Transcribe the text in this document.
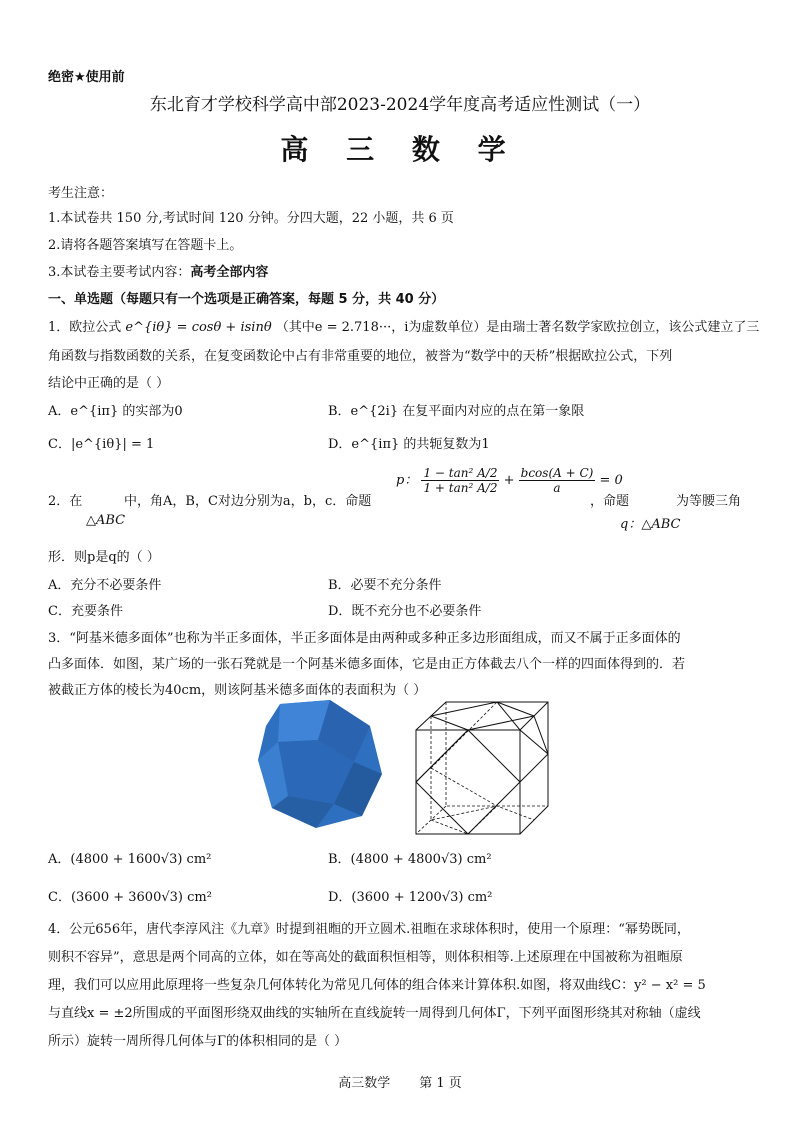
绝密★使用前
东北育才学校科学高中部2023-2024学年度高考适应性测试（一）
高 三 数 学
考生注意：
1.本试卷共 150 分,考试时间 120 分钟。分四大题，22 小题，共 6 页
2.请将各题答案填写在答题卡上。
3.本试卷主要考试内容：高考全部内容
一、单选题（每题只有一个选项是正确答案，每题 5 分，共 40 分）
1．欧拉公式 e^{iθ} = cosθ + isinθ （其中e = 2.718···，i为虚数单位）是由瑞士著名数学家欧拉创立，该公式建立了三
角函数与指数函数的关系，在复变函数论中占有非常重要的地位，被誉为“数学中的天桥”根据欧拉公式，下列
结论中正确的是（ ）
A．e^{iπ} 的实部为0	B．e^{2i} 在复平面内对应的点在第一象限
C．|e^{iθ}| = 1	D．e^{iπ} 的共轭复数为1
2．在
△ABC
中，角A，B，C对边分别为a，b，c．命题
p： $\frac{\text{1 − tan² A/2}}{\text{1 + tan² A/2}} + \frac{bcos(A + C)}{a} = 0$
，命题
q：△ABC
为等腰三角
形．则p是q的（ ）
A．充分不必要条件	B．必要不充分条件
C．充要条件	D．既不充分也不必要条件
3．“阿基米德多面体”也称为半正多面体，半正多面体是由两种或多种正多边形面组成，而又不属于正多面体的
凸多面体．如图，某广场的一张石凳就是一个阿基米德多面体，它是由正方体截去八个一样的四面体得到的．若
被截正方体的棱长为40cm，则该阿基米德多面体的表面积为（ ）
A．(4800 + 1600√3) cm²	B．(4800 + 4800√3) cm²
C．(3600 + 3600√3) cm²	D．(3600 + 1200√3) cm²
4．公元656年，唐代李淳风注《九章》时提到祖暅的开立圆术.祖暅在求球体积时，使用一个原理：“幂势既同，
则积不容异”，意思是两个同高的立体，如在等高处的截面积恒相等，则体积相等.上述原理在中国被称为祖暅原
理，我们可以应用此原理将一些复杂几何体转化为常见几何体的组合体来计算体积.如图，将双曲线C：y² − x² = 5
与直线x = ±2所围成的平面图形绕双曲线的实轴所在直线旋转一周得到几何体Γ，下列平面图形绕其对称轴（虚线
所示）旋转一周所得几何体与Γ的体积相同的是（ ）
高三数学 第 1 页
